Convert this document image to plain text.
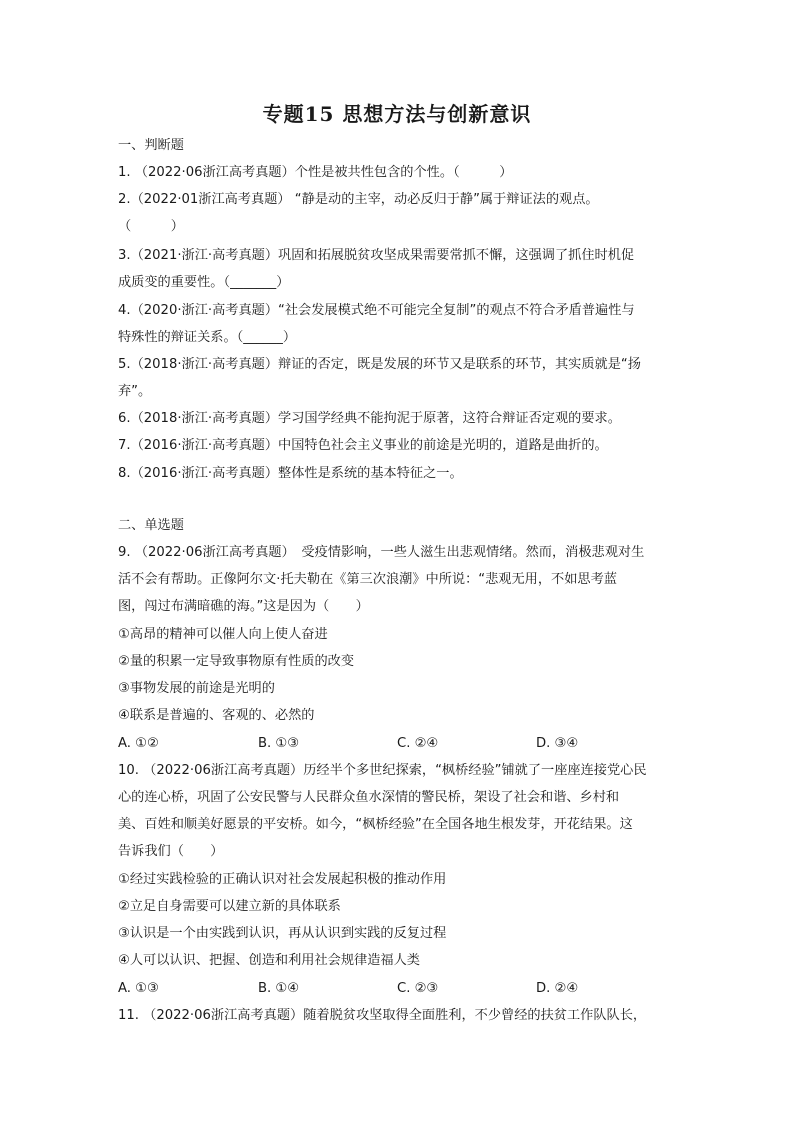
专题15 思想方法与创新意识
一、判断题
1. （2022·06浙江高考真题）个性是被共性包含的个性。（　　　）
2.（2022·01浙江高考真题） “静是动的主宰，动必反归于静”属于辩证法的观点。
（　　　）
3.（2021·浙江·高考真题）巩固和拓展脱贫攻坚成果需要常抓不懈，这强调了抓住时机促
成质变的重要性。（_______）
4.（2020·浙江·高考真题）“社会发展模式绝不可能完全复制”的观点不符合矛盾普遍性与
特殊性的辩证关系。（______）
5.（2018·浙江·高考真题）辩证的否定，既是发展的环节又是联系的环节，其实质就是“扬
弃”。
6.（2018·浙江·高考真题）学习国学经典不能拘泥于原著，这符合辩证否定观的要求。
7.（2016·浙江·高考真题）中国特色社会主义事业的前途是光明的，道路是曲折的。
8.（2016·浙江·高考真题）整体性是系统的基本特征之一。
二、单选题
9. （2022·06浙江高考真题）　受疫情影响，一些人滋生出悲观情绪。然而，消极悲观对生
活不会有帮助。正像阿尔文·托夫勒在《第三次浪潮》中所说：“悲观无用，不如思考蓝
图，闯过布满暗礁的海。”这是因为（　　）
①高昂的精神可以催人向上使人奋进
②量的积累一定导致事物原有性质的改变
③事物发展的前途是光明的
④联系是普遍的、客观的、必然的
A. ①②	B. ①③	C. ②④	D. ③④
10. （2022·06浙江高考真题）历经半个多世纪探索，“枫桥经验”铺就了一座座连接党心民
心的连心桥，巩固了公安民警与人民群众鱼水深情的警民桥，架设了社会和谐、乡村和
美、百姓和顺美好愿景的平安桥。如今，“枫桥经验”在全国各地生根发芽，开花结果。这
告诉我们（　　）
①经过实践检验的正确认识对社会发展起积极的推动作用
②立足自身需要可以建立新的具体联系
③认识是一个由实践到认识，再从认识到实践的反复过程
④人可以认识、把握、创造和利用社会规律造福人类
A. ①③	B. ①④	C. ②③	D. ②④
11. （2022·06浙江高考真题）随着脱贫攻坚取得全面胜利，不少曾经的扶贫工作队队长，
